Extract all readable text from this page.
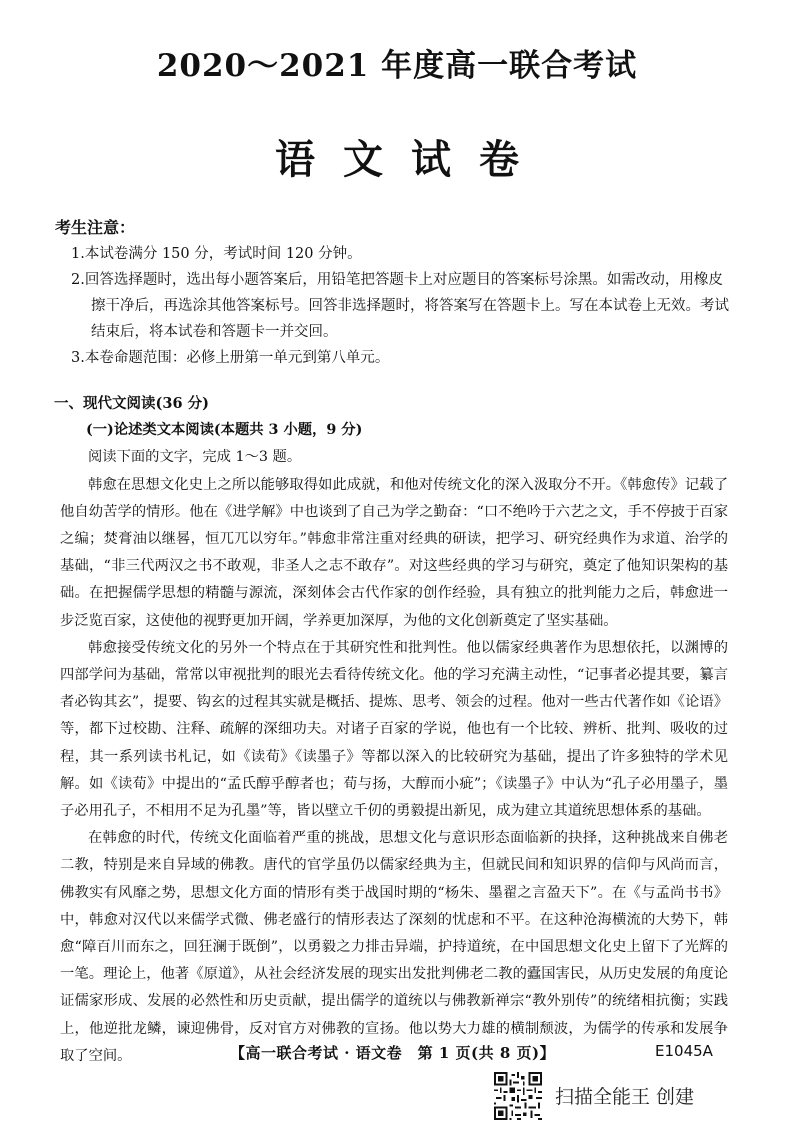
2020～2021 年度高一联合考试
语文试卷
考生注意：
1.本试卷满分 150 分，考试时间 120 分钟。
2.回答选择题时，选出每小题答案后，用铅笔把答题卡上对应题目的答案标号涂黑。如需改动，用橡皮擦干净后，再选涂其他答案标号。回答非选择题时，将答案写在答题卡上。写在本试卷上无效。考试结束后，将本试卷和答题卡一并交回。
3.本卷命题范围：必修上册第一单元到第八单元。
一、现代文阅读(36 分)
(一)论述类文本阅读(本题共 3 小题，9 分)

阅读下面的文字，完成 1～3 题。

韩愈在思想文化史上之所以能够取得如此成就，和他对传统文化的深入汲取分不开。《韩愈传》记载了他自幼苦学的情形。他在《进学解》中也谈到了自己为学之勤奋：“口不绝吟于六艺之文，手不停披于百家之编；焚膏油以继晷，恒兀兀以穷年。”韩愈非常注重对经典的研读，把学习、研究经典作为求道、治学的基础，“非三代两汉之书不敢观，非圣人之志不敢存”。对这些经典的学习与研究，奠定了他知识架构的基础。在把握儒学思想的精髓与源流，深刻体会古代作家的创作经验，具有独立的批判能力之后，韩愈进一步泛览百家，这使他的视野更加开阔，学养更加深厚，为他的文化创新奠定了坚实基础。

韩愈接受传统文化的另外一个特点在于其研究性和批判性。他以儒家经典著作为思想依托，以渊博的四部学问为基础，常常以审视批判的眼光去看待传统文化。他的学习充满主动性，“记事者必提其要，纂言者必钩其玄”，提要、钩玄的过程其实就是概括、提炼、思考、领会的过程。他对一些古代著作如《论语》等，都下过校勘、注释、疏解的深细功夫。对诸子百家的学说，他也有一个比较、辨析、批判、吸收的过程，其一系列读书札记，如《读荀》《读墨子》等都以深入的比较研究为基础，提出了许多独特的学术见解。如《读荀》中提出的“孟氏醇乎醇者也；荀与扬，大醇而小疵”；《读墨子》中认为“孔子必用墨子，墨子必用孔子，不相用不足为孔墨”等，皆以壁立千仞的勇毅提出新见，成为建立其道统思想体系的基础。

在韩愈的时代，传统文化面临着严重的挑战，思想文化与意识形态面临新的抉择，这种挑战来自佛老二教，特别是来自异域的佛教。唐代的官学虽仍以儒家经典为主，但就民间和知识界的信仰与风尚而言，佛教实有风靡之势，思想文化方面的情形有类于战国时期的“杨朱、墨翟之言盈天下”。在《与孟尚书书》中，韩愈对汉代以来儒学式微、佛老盛行的情形表达了深刻的忧虑和不平。在这种沧海横流的大势下，韩愈“障百川而东之，回狂澜于既倒”，以勇毅之力排击异端，护持道统，在中国思想文化史上留下了光辉的一笔。理论上，他著《原道》，从社会经济发展的现实出发批判佛老二教的蠹国害民，从历史发展的角度论证儒家形成、发展的必然性和历史贡献，提出儒学的道统以与佛教新禅宗“教外别传”的统绪相抗衡；实践上，他逆批龙鳞，谏迎佛骨，反对官方对佛教的宣扬。他以势大力雄的横制颓波，为儒学的传承和发展争取了空间。	【高一联合考试 · 语文卷　第 1 页(共 8 页)】	E1045A
扫描全能王 创建
